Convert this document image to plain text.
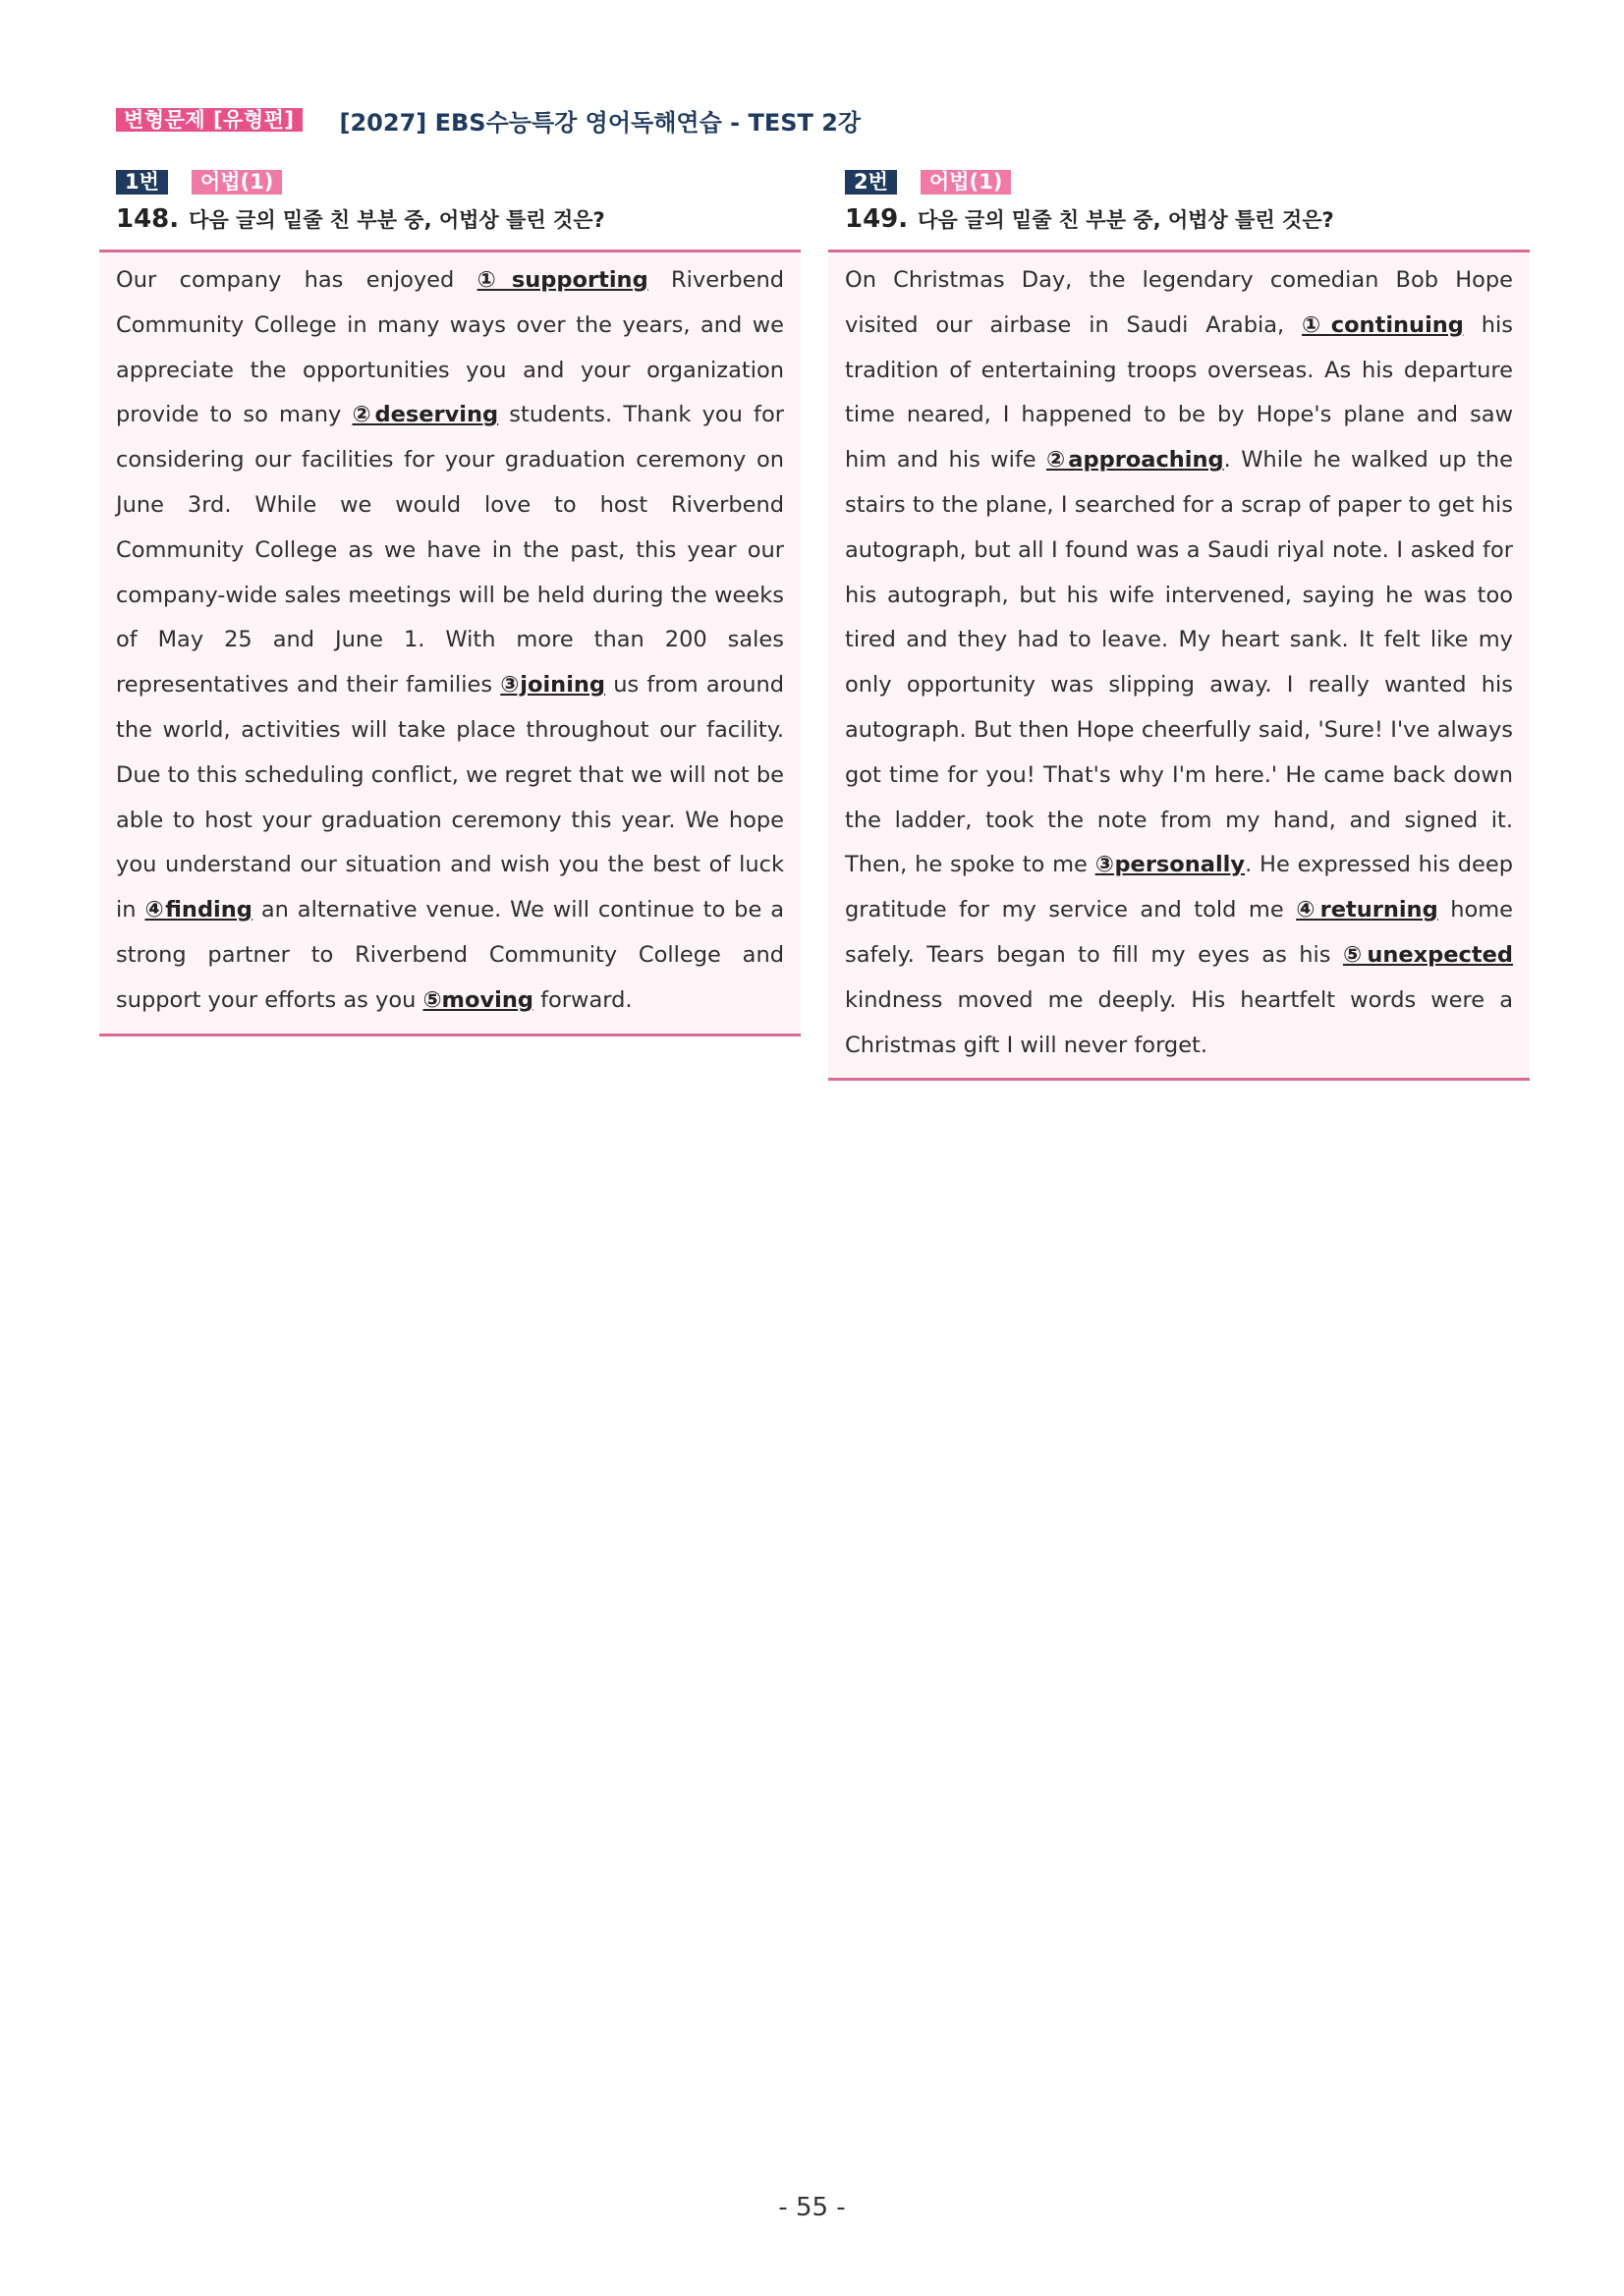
변형문제 [유형편]	[2027] EBS수능특강 영어독해연습 - TEST 2강
1번	어법(1)
148. 다음 글의 밑줄 친 부분 중, 어법상 틀린 것은?

Our company has enjoyed ①supporting Riverbend Community College in many ways over the years, and we appreciate the opportunities you and your organization provide to so many ②deserving students. Thank you for considering our facilities for your graduation ceremony on June 3rd. While we would love to host Riverbend Community College as we have in the past, this year our company-wide sales meetings will be held during the weeks of May 25 and June 1. With more than 200 sales representatives and their families ③joining us from around the world, activities will take place throughout our facility. Due to this scheduling conflict, we regret that we will not be able to host your graduation ceremony this year. We hope you understand our situation and wish you the best of luck in ④finding an alternative venue. We will continue to be a strong partner to Riverbend Community College and support your efforts as you ⑤moving forward.

2번	어법(1)
149. 다음 글의 밑줄 친 부분 중, 어법상 틀린 것은?

On Christmas Day, the legendary comedian Bob Hope visited our airbase in Saudi Arabia, ①continuing his tradition of entertaining troops overseas. As his departure time neared, I happened to be by Hope's plane and saw him and his wife ②approaching. While he walked up the stairs to the plane, I searched for a scrap of paper to get his autograph, but all I found was a Saudi riyal note. I asked for his autograph, but his wife intervened, saying he was too tired and they had to leave. My heart sank. It felt like my only opportunity was slipping away. I really wanted his autograph. But then Hope cheerfully said, 'Sure! I've always got time for you! That's why I'm here.' He came back down the ladder, took the note from my hand, and signed it. Then, he spoke to me ③personally. He expressed his deep gratitude for my service and told me ④returning home safely. Tears began to fill my eyes as his ⑤unexpected kindness moved me deeply. His heartfelt words were a Christmas gift I will never forget.

- 55 -
